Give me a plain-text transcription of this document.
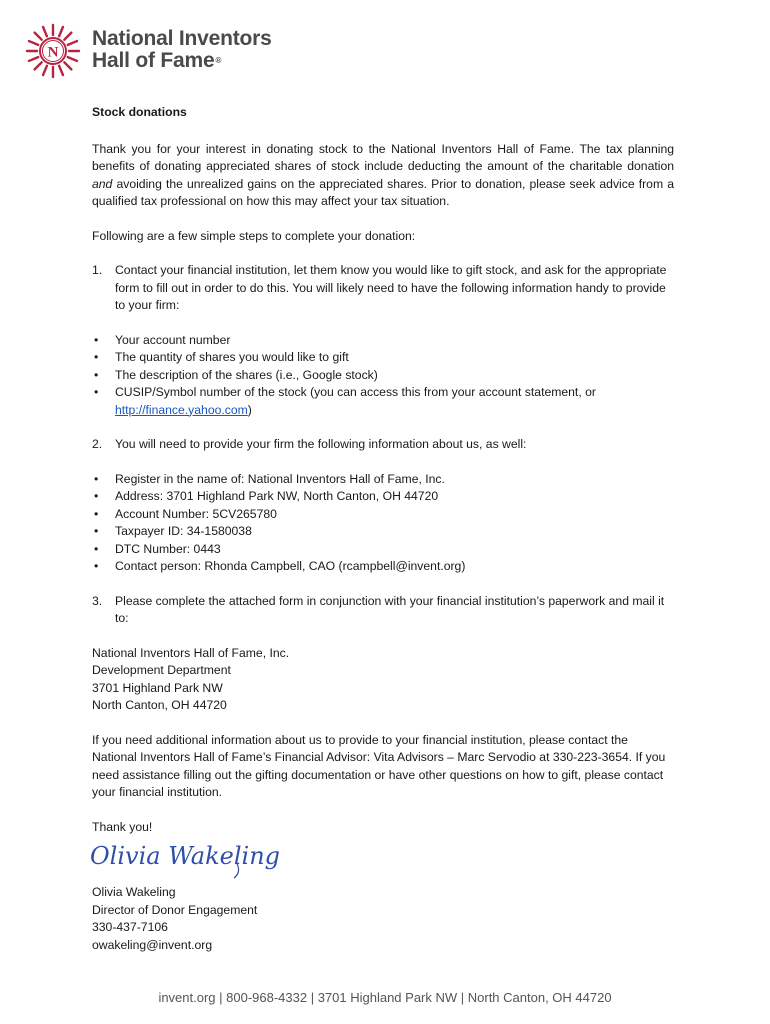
N
National Inventors
Hall of Fame®

Stock donations

Thank you for your interest in donating stock to the National Inventors Hall of Fame. The tax planning benefits of donating appreciated shares of stock include deducting the amount of the charitable donation and avoiding the unrealized gains on the appreciated shares. Prior to donation, please seek advice from a qualified tax professional on how this may affect your tax situation.

Following are a few simple steps to complete your donation:

1. Contact your financial institution, let them know you would like to gift stock, and ask for the appropriate form to fill out in order to do this. You will likely need to have the following information handy to provide to your firm:
• Your account number
• The quantity of shares you would like to gift
• The description of the shares (i.e., Google stock)
• CUSIP/Symbol number of the stock (you can access this from your account statement, or http://finance.yahoo.com)
2. You will need to provide your firm the following information about us, as well:
• Register in the name of: National Inventors Hall of Fame, Inc.
• Address: 3701 Highland Park NW, North Canton, OH 44720
• Account Number: 5CV265780
• Taxpayer ID: 34-1580038
• DTC Number: 0443
• Contact person: Rhonda Campbell, CAO (rcampbell@invent.org)
3. Please complete the attached form in conjunction with your financial institution’s paperwork and mail it to:

National Inventors Hall of Fame, Inc.

Development Department

3701 Highland Park NW

North Canton, OH 44720

If you need additional information about us to provide to your financial institution, please contact the National Inventors Hall of Fame’s Financial Advisor: Vita Advisors – Marc Servodio at 330-223-3654. If you need assistance filling out the gifting documentation or have other questions on how to gift, please contact your financial institution.

Thank you!

Olivia Wakeling

Olivia Wakeling

Director of Donor Engagement

330-437-7106

owakeling@invent.org

invent.org | 800-968-4332 | 3701 Highland Park NW | North Canton, OH 44720
